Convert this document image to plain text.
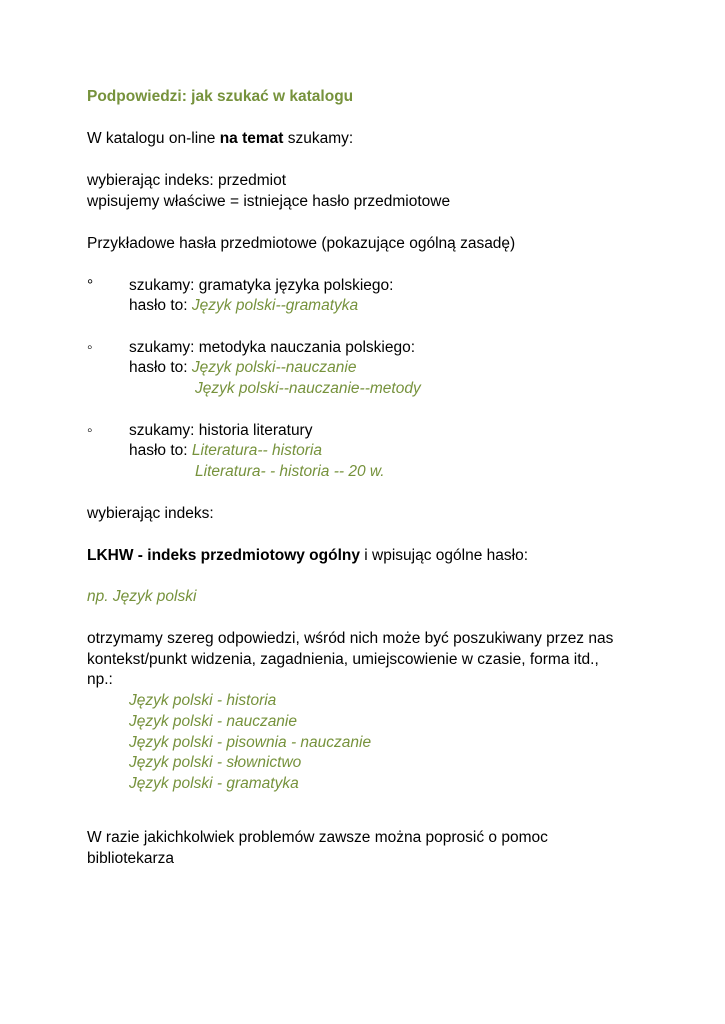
Podpowiedzi: jak szukać w katalogu
W katalogu on-line na temat szukamy:
wybierając indeks: przedmiot
wpisujemy właściwe = istniejące hasło przedmiotowe
Przykładowe hasła przedmiotowe (pokazujące ogólną zasadę)
° szukamy: gramatyka języka polskiego:
hasło to: Język polski--gramatyka
◦ szukamy: metodyka nauczania polskiego:
hasło to: Język polski--nauczanie
Język polski--nauczanie--metody
◦ szukamy: historia literatury
hasło to: Literatura-- historia
Literatura- - historia -- 20 w.
wybierając indeks:
LKHW - indeks przedmiotowy ogólny i wpisując ogólne hasło:
np. Język polski
otrzymamy szereg odpowiedzi, wśród nich może być poszukiwany przez nas
kontekst/punkt widzenia, zagadnienia, umiejscowienie w czasie, forma itd.,
np.:
Język polski - historia
Język polski - nauczanie
Język polski - pisownia - nauczanie
Język polski - słownictwo
Język polski - gramatyka
W razie jakichkolwiek problemów zawsze można poprosić o pomoc
bibliotekarza
